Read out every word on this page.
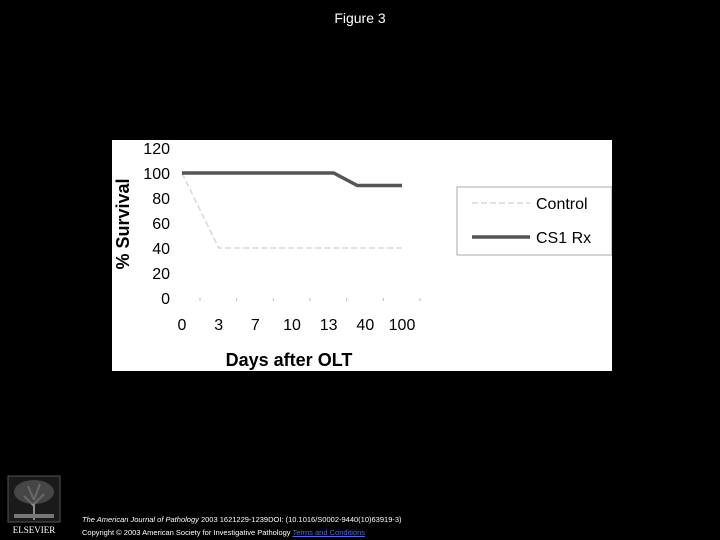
Figure 3
120
100
80
60
40
20
0
0 3 7 10 13 40 100
% Survival
Days after OLT
Control
CS1 Rx
ELSEVIER
The American Journal of Pathology 2003 1621229-1239DOI: (10.1016/S0002-9440(10)63919-3)
Copyright © 2003 American Society for Investigative Pathology Terms and Conditions
